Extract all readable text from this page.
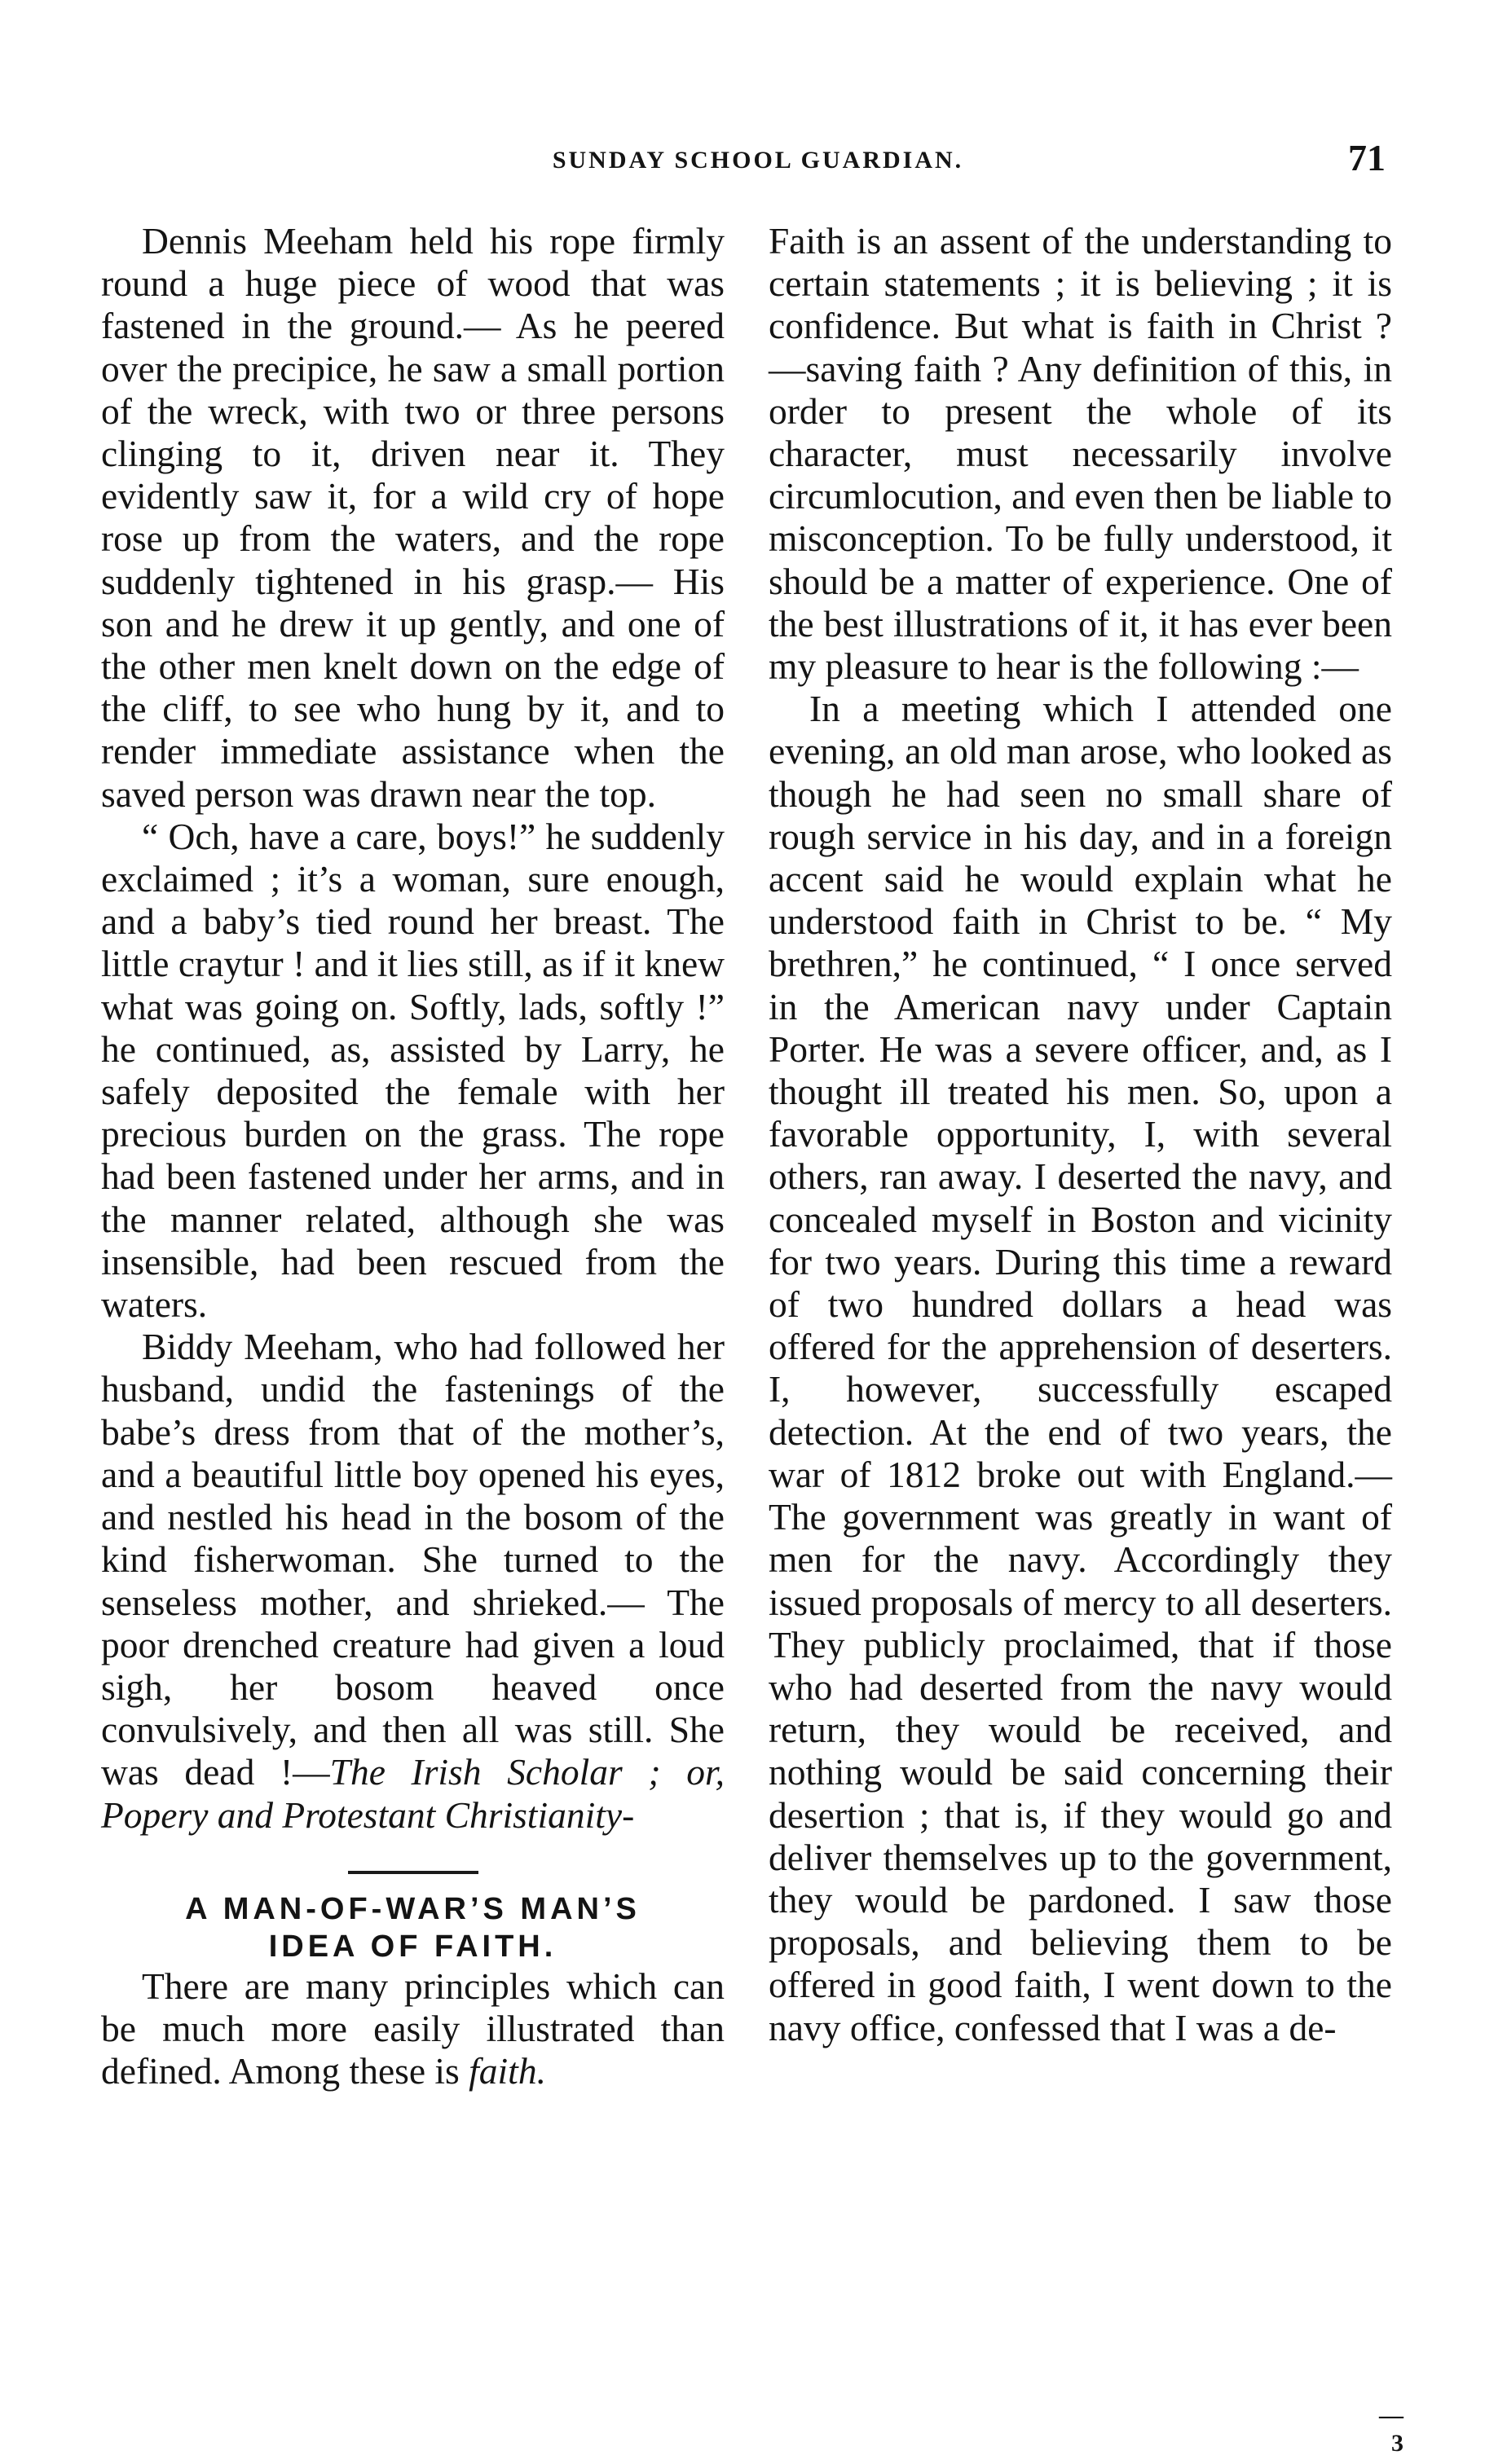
SUNDAY SCHOOL GUARDIAN.	71

Dennis Meeham held his rope firmly round a huge piece of wood that was fastened in the ground.— As he peered over the precipice, he saw a small portion of the wreck, with two or three persons clinging to it, driven near it. They evidently saw it, for a wild cry of hope rose up from the waters, and the rope suddenly tightened in his grasp.— His son and he drew it up gently, and one of the other men knelt down on the edge of the cliff, to see who hung by it, and to render immediate assistance when the saved person was drawn near the top.

“ Och, have a care, boys!” he suddenly exclaimed ; it’s a woman, sure enough, and a baby’s tied round her breast. The little craytur ! and it lies still, as if it knew what was going on. Softly, lads, softly !” he continued, as, assisted by Larry, he safely deposited the female with her precious burden on the grass. The rope had been fastened under her arms, and in the manner related, although she was insensible, had been rescued from the waters.

Biddy Meeham, who had followed her husband, undid the fastenings of the babe’s dress from that of the mother’s, and a beautiful little boy opened his eyes, and nestled his head in the bosom of the kind fisherwoman. She turned to the senseless mother, and shrieked.— The poor drenched creature had given a loud sigh, her bosom heaved once convulsively, and then all was still. She was dead !—The Irish Scholar ; or, Popery and Protestant Christianity-

A MAN-OF-WAR’S MAN’S
IDEA OF FAITH.

There are many principles which can be much more easily illustrated than defined. Among these is faith.

Faith is an assent of the understanding to certain statements ; it is believing ; it is confidence. But what is faith in Christ ?—saving faith ? Any definition of this, in order to present the whole of its character, must necessarily involve circumlocution, and even then be liable to misconception. To be fully understood, it should be a matter of experience. One of the best illustrations of it, it has ever been my pleasure to hear is the following :—

In a meeting which I attended one evening, an old man arose, who looked as though he had seen no small share of rough service in his day, and in a foreign accent said he would explain what he understood faith in Christ to be. “ My brethren,” he continued, “ I once served in the American navy under Captain Porter. He was a severe officer, and, as I thought ill treated his men. So, upon a favorable opportunity, I, with several others, ran away. I deserted the navy, and concealed myself in Boston and vicinity for two years. During this time a reward of two hundred dollars a head was offered for the apprehension of deserters. I, however, successfully escaped detection. At the end of two years, the war of 1812 broke out with England.— The government was greatly in want of men for the navy. Accordingly they issued proposals of mercy to all deserters. They publicly proclaimed, that if those who had deserted from the navy would return, they would be received, and nothing would be said concerning their desertion ; that is, if they would go and deliver themselves up to the government, they would be pardoned. I saw those proposals, and believing them to be offered in good faith, I went down to the navy office, confessed that I was a de-

—3
